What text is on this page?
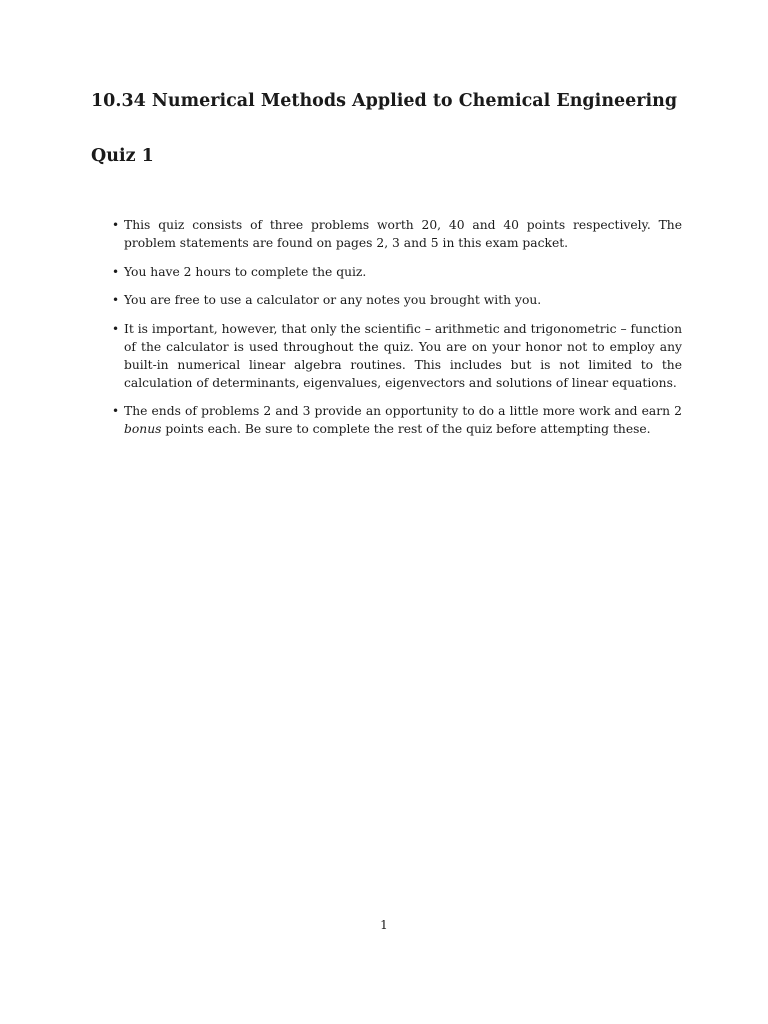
10.34 Numerical Methods Applied to Chemical Engineering
Quiz 1
• This quiz consists of three problems worth 20, 40 and 40 points respectively. The problem statements are found on pages 2, 3 and 5 in this exam packet.
• You have 2 hours to complete the quiz.
• You are free to use a calculator or any notes you brought with you.
• It is important, however, that only the scientific – arithmetic and trigonometric – function of the calculator is used throughout the quiz. You are on your honor not to employ any built-in numerical linear algebra routines. This includes but is not limited to the calculation of determinants, eigenvalues, eigenvectors and solutions of linear equations.
• The ends of problems 2 and 3 provide an opportunity to do a little more work and earn 2 bonus points each. Be sure to complete the rest of the quiz before attempting these.
1
